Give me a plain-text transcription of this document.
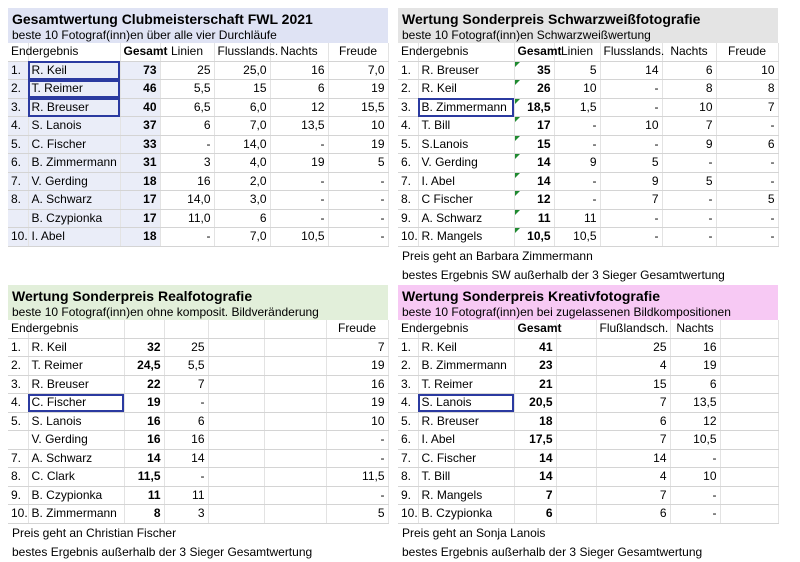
Gesamtwertung Clubmeisterschaft FWL 2021
beste 10 Fotograf(inn)en über alle vier Durchläufe
Endergebnis		Gesamt	Linien	Flusslands.	Nachts	Freude
1.	R. Keil	73	25	25,0	16	7,0
2.	T. Reimer	46	5,5	15	6	19
3.	R. Breuser	40	6,5	6,0	12	15,5
4.	S. Lanois	37	6	7,0	13,5	10
5.	C. Fischer	33	-	14,0	-	19
6.	B. Zimmermann	31	3	4,0	19	5
7.	V. Gerding	18	16	2,0	-	-
8.	A. Schwarz	17	14,0	3,0	-	-
	B. Czypionka	17	11,0	6	-	-
10.	I. Abel	18	-	7,0	10,5	-
Wertung Sonderpreis Schwarzweißfotografie
beste 10 Fotograf(inn)en Schwarzweißwertung
Endergebnis		Gesamt	Linien	Flusslands.	Nachts	Freude
1.	R. Breuser	35	5	14	6	10
2.	R. Keil	26	10	-	8	8
3.	B. Zimmermann	18,5	1,5	-	10	7
4.	T. Bill	17	-	10	7	-
5.	S.Lanois	15	-	-	9	6
6.	V. Gerding	14	9	5	-	-
7.	I. Abel	14	-	9	5	-
8.	C Fischer	12	-	7	-	5
9.	A. Schwarz	11	11	-	-	-
10.	R. Mangels	10,5	10,5	-	-	-
Preis geht an Barbara Zimmermann
bestes Ergebnis SW außerhalb der 3 Sieger Gesamtwertung
Wertung Sonderpreis Realfotografie
beste 10 Fotograf(inn)en ohne komposit. Bildveränderung
Endergebnis						Freude
1.	R. Keil	32	25			7
2.	T. Reimer	24,5	5,5			19
3.	R. Breuser	22	7			16
4.	C. Fischer	19	-			19
5.	S. Lanois	16	6			10
	V. Gerding	16	16			-
7.	A. Schwarz	14	14			-
8.	C. Clark	11,5	-			11,5
9.	B. Czypionka	11	11			-
10.	B. Zimmermann	8	3			5
Preis geht an Christian Fischer
bestes Ergebnis außerhalb der 3 Sieger Gesamtwertung
Wertung Sonderpreis Kreativfotografie
beste 10 Fotograf(inn)en bei zugelassenen Bildkompositionen
Endergebnis		Gesamt		Flußlandsch.	Nachts	
1.	R. Keil	41		25	16	
2.	B. Zimmermann	23		4	19	
3.	T. Reimer	21		15	6	
4.	S. Lanois	20,5		7	13,5	
5.	R. Breuser	18		6	12	
6.	I. Abel	17,5		7	10,5	
7.	C. Fischer	14		14	-	
8.	T. Bill	14		4	10	
9.	R. Mangels	7		7	-	
10.	B. Czypionka	6		6	-	
Preis geht an Sonja Lanois
bestes Ergebnis außerhalb der 3 Sieger Gesamtwertung
